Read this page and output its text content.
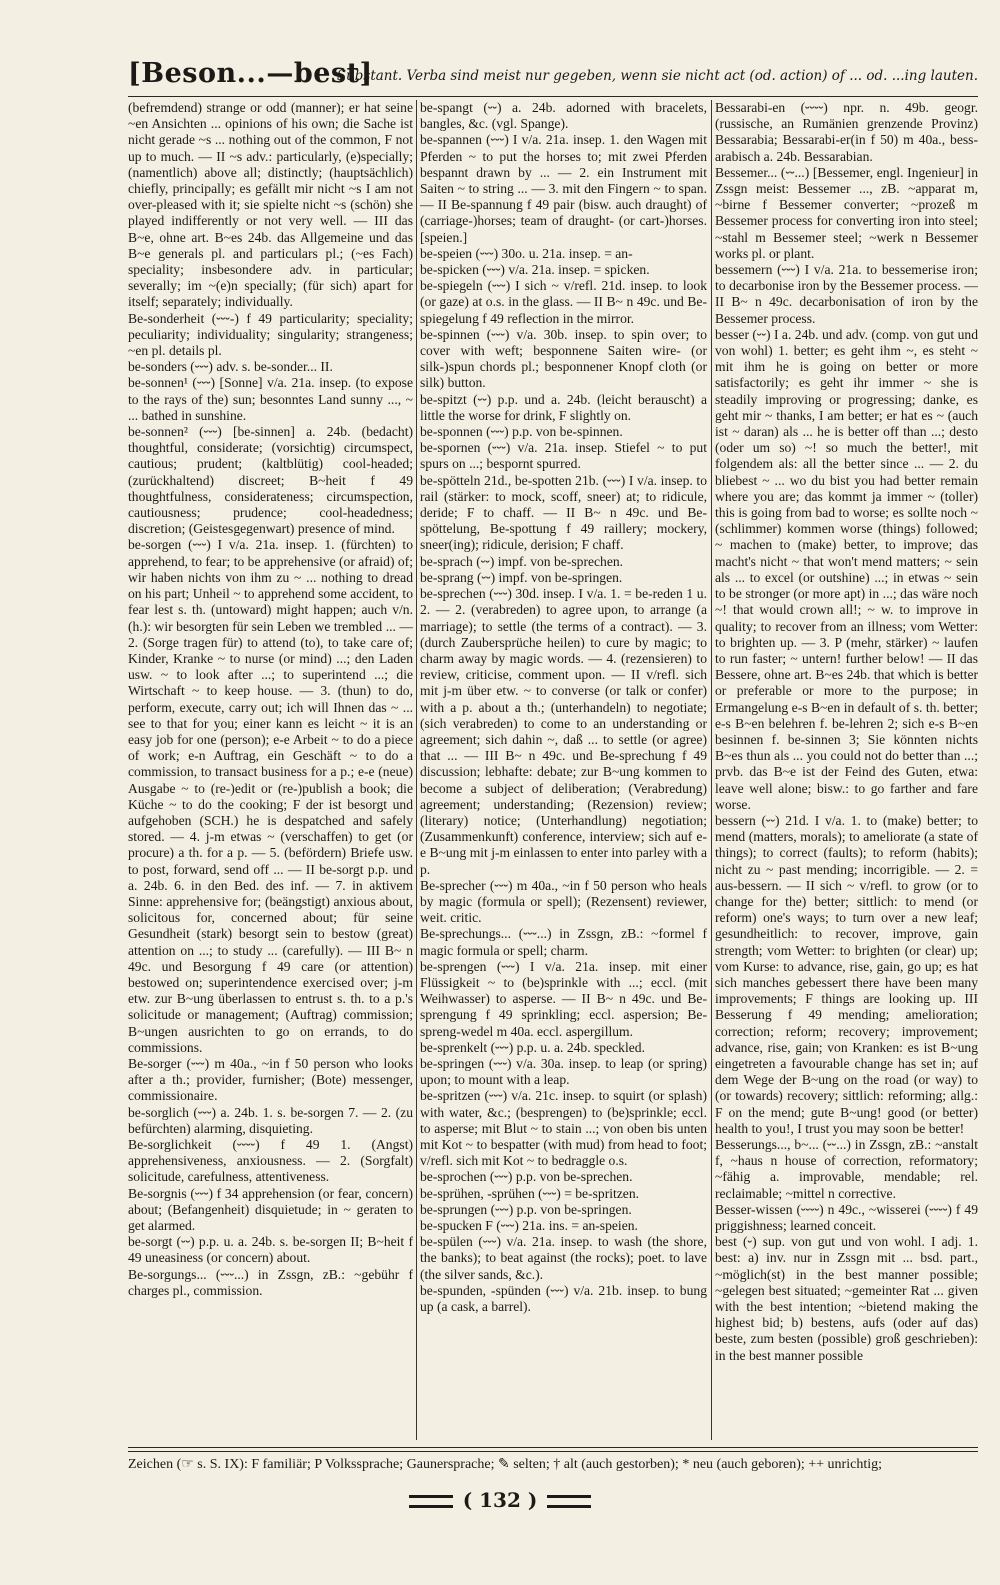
[Beson...—best]
Substant. Verba sind meist nur gegeben, wenn sie nicht act (od. action) of ... od. ...ing lauten.

(befremdend) strange or odd (manner); er hat seine ~en Ansichten ... opinions of his own; die Sache ist nicht gerade ~s ... nothing out of the common, F not up to much. — II ~s adv.: particularly, (e)specially; (namentlich) above all; distinctly; (hauptsächlich) chiefly, principally; es gefällt mir nicht ~s I am not over-pleased with it; sie spielte nicht ~s (schön) she played indifferently or not very well. — III das B~e, ohne art. B~es 24b. das Allgemeine und das B~e generals pl. and particulars pl.; (~es Fach) speciality; insbesondere adv. in particular; severally; im ~(e)n specially; (für sich) apart for itself; separately; individually.

Be-sonderheit (⏑⏑⏑-) f 49 particularity; speciality; peculiarity; individuality; singularity; strangeness; ~en pl. details pl.

be-sonders (⏑⏑⏑) adv. s. be-sonder... II.

be-sonnen¹ (⏑⏑⏑) [Sonne] v/a. 21a. insep. (to expose to the rays of the) sun; besonntes Land sunny ..., ~ ... bathed in sunshine.

be-sonnen² (⏑⏑⏑) [be-sinnen] a. 24b. (bedacht) thoughtful, considerate; (vorsichtig) circumspect, cautious; prudent; (kaltblütig) cool-headed; (zurückhaltend) discreet; B~heit f 49 thoughtfulness, considerateness; circumspection, cautiousness; prudence; cool-headedness; discretion; (Geistesgegenwart) presence of mind.

be-sorgen (⏑⏑⏑) I v/a. 21a. insep. 1. (fürchten) to apprehend, to fear; to be apprehensive (or afraid) of; wir haben nichts von ihm zu ~ ... nothing to dread on his part; Unheil ~ to apprehend some accident, to fear lest s. th. (untoward) might happen; auch v/n. (h.): wir besorgten für sein Leben we trembled ... — 2. (Sorge tragen für) to attend (to), to take care of; Kinder, Kranke ~ to nurse (or mind) ...; den Laden usw. ~ to look after ...; to superintend ...; die Wirtschaft ~ to keep house. — 3. (thun) to do, perform, execute, carry out; ich will Ihnen das ~ ... see to that for you; einer kann es leicht ~ it is an easy job for one (person); e-e Arbeit ~ to do a piece of work; e-n Auftrag, ein Geschäft ~ to do a commission, to transact business for a p.; e-e (neue) Ausgabe ~ to (re-)edit or (re-)publish a book; die Küche ~ to do the cooking; F der ist besorgt und aufgehoben (SCH.) he is despatched and safely stored. — 4. j-m etwas ~ (verschaffen) to get (or procure) a th. for a p. — 5. (befördern) Briefe usw. to post, forward, send off ... — II be-sorgt p.p. und a. 24b. 6. in den Bed. des inf. — 7. in aktivem Sinne: apprehensive for; (beängstigt) anxious about, solicitous for, concerned about; für seine Gesundheit (stark) besorgt sein to bestow (great) attention on ...; to study ... (carefully). — III B~ n 49c. und Besorgung f 49 care (or attention) bestowed on; superintendence exercised over; j-m etw. zur B~ung überlassen to entrust s. th. to a p.'s solicitude or management; (Auftrag) commission; B~ungen ausrichten to go on errands, to do commissions.

Be-sorger (⏑⏑⏑) m 40a., ~in f 50 person who looks after a th.; provider, furnisher; (Bote) messenger, commissionaire.

be-sorglich (⏑⏑⏑) a. 24b. 1. s. be-sorgen 7. — 2. (zu befürchten) alarming, disquieting.

Be-sorglichkeit (⏑⏑⏑⏑) f 49 1. (Angst) apprehensiveness, anxiousness. — 2. (Sorgfalt) solicitude, carefulness, attentiveness.

Be-sorgnis (⏑⏑⏑) f 34 apprehension (or fear, concern) about; (Befangenheit) disquietude; in ~ geraten to get alarmed.

be-sorgt (⏑⏑) p.p. u. a. 24b. s. be-sorgen II; B~heit f 49 uneasiness (or concern) about.

Be-sorgungs... (⏑⏑⏑...) in Zssgn, zB.: ~gebühr f charges pl., commission.

be-spangt (⏑⏑) a. 24b. adorned with bracelets, bangles, &c. (vgl. Spange).

be-spannen (⏑⏑⏑) I v/a. 21a. insep. 1. den Wagen mit Pferden ~ to put the horses to; mit zwei Pferden bespannt drawn by ... — 2. ein Instrument mit Saiten ~ to string ... — 3. mit den Fingern ~ to span. — II Be-spannung f 49 pair (bisw. auch draught) of (carriage-)horses; team of draught- (or cart-)horses. [speien.]

be-speien (⏑⏑⏑) 30o. u. 21a. insep. = an-

be-spicken (⏑⏑⏑) v/a. 21a. insep. = spicken.

be-spiegeln (⏑⏑⏑) I sich ~ v/refl. 21d. insep. to look (or gaze) at o.s. in the glass. — II B~ n 49c. und Be-spiegelung f 49 reflection in the mirror.

be-spinnen (⏑⏑⏑) v/a. 30b. insep. to spin over; to cover with weft; besponnene Saiten wire- (or silk-)spun chords pl.; besponnener Knopf cloth (or silk) button.

be-spitzt (⏑⏑) p.p. und a. 24b. (leicht berauscht) a little the worse for drink, F slightly on.

be-sponnen (⏑⏑⏑) p.p. von be-spinnen.

be-spornen (⏑⏑⏑) v/a. 21a. insep. Stiefel ~ to put spurs on ...; bespornt spurred.

be-spötteln 21d., be-spotten 21b. (⏑⏑⏑) I v/a. insep. to rail (stärker: to mock, scoff, sneer) at; to ridicule, deride; F to chaff. — II B~ n 49c. und Be-spöttelung, Be-spottung f 49 raillery; mockery, sneer(ing); ridicule, derision; F chaff.

be-sprach (⏑⏑) impf. von be-sprechen.

be-sprang (⏑⏑) impf. von be-springen.

be-sprechen (⏑⏑⏑) 30d. insep. I v/a. 1. = be-reden 1 u. 2. — 2. (verabreden) to agree upon, to arrange (a marriage); to settle (the terms of a contract). — 3. (durch Zaubersprüche heilen) to cure by magic; to charm away by magic words. — 4. (rezensieren) to review, criticise, comment upon. — II v/refl. sich mit j-m über etw. ~ to converse (or talk or confer) with a p. about a th.; (unterhandeln) to negotiate; (sich verabreden) to come to an understanding or agreement; sich dahin ~, daß ... to settle (or agree) that ... — III B~ n 49c. und Be-sprechung f 49 discussion; lebhafte: debate; zur B~ung kommen to become a subject of deliberation; (Verabredung) agreement; understanding; (Rezension) review; (literary) notice; (Unterhandlung) negotiation; (Zusammenkunft) conference, interview; sich auf e-e B~ung mit j-m einlassen to enter into parley with a p.

Be-sprecher (⏑⏑⏑) m 40a., ~in f 50 person who heals by magic (formula or spell); (Rezensent) reviewer, weit. critic.

Be-sprechungs... (⏑⏑⏑...) in Zssgn, zB.: ~formel f magic formula or spell; charm.

be-sprengen (⏑⏑⏑) I v/a. 21a. insep. mit einer Flüssigkeit ~ to (be)sprinkle with ...; eccl. (mit Weihwasser) to asperse. — II B~ n 49c. und Be-sprengung f 49 sprinkling; eccl. aspersion; Be-spreng-wedel m 40a. eccl. aspergillum.

be-sprenkelt (⏑⏑⏑) p.p. u. a. 24b. speckled.

be-springen (⏑⏑⏑) v/a. 30a. insep. to leap (or spring) upon; to mount with a leap.

be-spritzen (⏑⏑⏑) v/a. 21c. insep. to squirt (or splash) with water, &c.; (besprengen) to (be)sprinkle; eccl. to asperse; mit Blut ~ to stain ...; von oben bis unten mit Kot ~ to bespatter (with mud) from head to foot; v/refl. sich mit Kot ~ to bedraggle o.s.

be-sprochen (⏑⏑⏑) p.p. von be-sprechen.

be-sprühen, -sprühen (⏑⏑⏑) = be-spritzen.

be-sprungen (⏑⏑⏑) p.p. von be-springen.

be-spucken F (⏑⏑⏑) 21a. ins. = an-speien.

be-spülen (⏑⏑⏑) v/a. 21a. insep. to wash (the shore, the banks); to beat against (the rocks); poet. to lave (the silver sands, &c.).

be-spunden, -spünden (⏑⏑⏑) v/a. 21b. insep. to bung up (a cask, a barrel).

Bessarabi-en (⏑⏑⏑⏑) npr. n. 49b. geogr. (russische, an Rumänien grenzende Provinz) Bessarabia; Bessarabi-er(in f 50) m 40a., bess-arabisch a. 24b. Bessarabian.

Bessemer... (⏑⏑...) [Bessemer, engl. Ingenieur] in Zssgn meist: Bessemer ..., zB. ~apparat m, ~birne f Bessemer converter; ~prozeß m Bessemer process for converting iron into steel; ~stahl m Bessemer steel; ~werk n Bessemer works pl. or plant.

bessemern (⏑⏑⏑) I v/a. 21a. to bessemerise iron; to decarbonise iron by the Bessemer process. — II B~ n 49c. decarbonisation of iron by the Bessemer process.

besser (⏑⏑) I a. 24b. und adv. (comp. von gut und von wohl) 1. better; es geht ihm ~, es steht ~ mit ihm he is going on better or more satisfactorily; es geht ihr immer ~ she is steadily improving or progressing; danke, es geht mir ~ thanks, I am better; er hat es ~ (auch ist ~ daran) als ... he is better off than ...; desto (oder um so) ~! so much the better!, mit folgendem als: all the better since ... — 2. du bliebest ~ ... wo du bist you had better remain where you are; das kommt ja immer ~ (toller) this is going from bad to worse; es sollte noch ~ (schlimmer) kommen worse (things) followed; ~ machen to (make) better, to improve; das macht's nicht ~ that won't mend matters; ~ sein als ... to excel (or outshine) ...; in etwas ~ sein to be stronger (or more apt) in ...; das wäre noch ~! that would crown all!; ~ w. to improve in quality; to recover from an illness; vom Wetter: to brighten up. — 3. P (mehr, stärker) ~ laufen to run faster; ~ untern! further below! — II das Bessere, ohne art. B~es 24b. that which is better or preferable or more to the purpose; in Ermangelung e-s B~en in default of s. th. better; e-s B~en belehren f. be-lehren 2; sich e-s B~en besinnen f. be-sinnen 3; Sie könnten nichts B~es thun als ... you could not do better than ...; prvb. das B~e ist der Feind des Guten, etwa: leave well alone; bisw.: to go farther and fare worse.

bessern (⏑⏑) 21d. I v/a. 1. to (make) better; to mend (matters, morals); to ameliorate (a state of things); to correct (faults); to reform (habits); nicht zu ~ past mending; incorrigible. — 2. = aus-bessern. — II sich ~ v/refl. to grow (or to change for the) better; sittlich: to mend (or reform) one's ways; to turn over a new leaf; gesundheitlich: to recover, improve, gain strength; vom Wetter: to brighten (or clear) up; vom Kurse: to advance, rise, gain, go up; es hat sich manches gebessert there have been many improvements; F things are looking up. III Besserung f 49 mending; amelioration; correction; reform; recovery; improvement; advance, rise, gain; von Kranken: es ist B~ung eingetreten a favourable change has set in; auf dem Wege der B~ung on the road (or way) to (or towards) recovery; sittlich: reforming; allg.: F on the mend; gute B~ung! good (or better) health to you!, I trust you may soon be better!

Besserungs..., b~... (⏑⏑...) in Zssgn, zB.: ~anstalt f, ~haus n house of correction, reformatory; ~fähig a. improvable, mendable; rel. reclaimable; ~mittel n corrective.

Besser-wissen (⏑⏑⏑⏑) n 49c., ~wisserei (⏑⏑⏑⏑) f 49 priggishness; learned conceit.

best (⏑) sup. von gut und von wohl. I adj. 1. best: a) inv. nur in Zssgn mit ... bsd. part., ~möglich(st) in the best manner possible; ~gelegen best situated; ~gemeinter Rat ... given with the best intention; ~bietend making the highest bid; b) bestens, aufs (oder auf das) beste, zum besten (possible) groß geschrieben): in the best manner possible

Zeichen (☞ s. S. IX): F familiär; P Volkssprache; Gaunersprache; ✎ selten; † alt (auch gestorben); * neu (auch geboren); ++ unrichtig;
( 132 )
